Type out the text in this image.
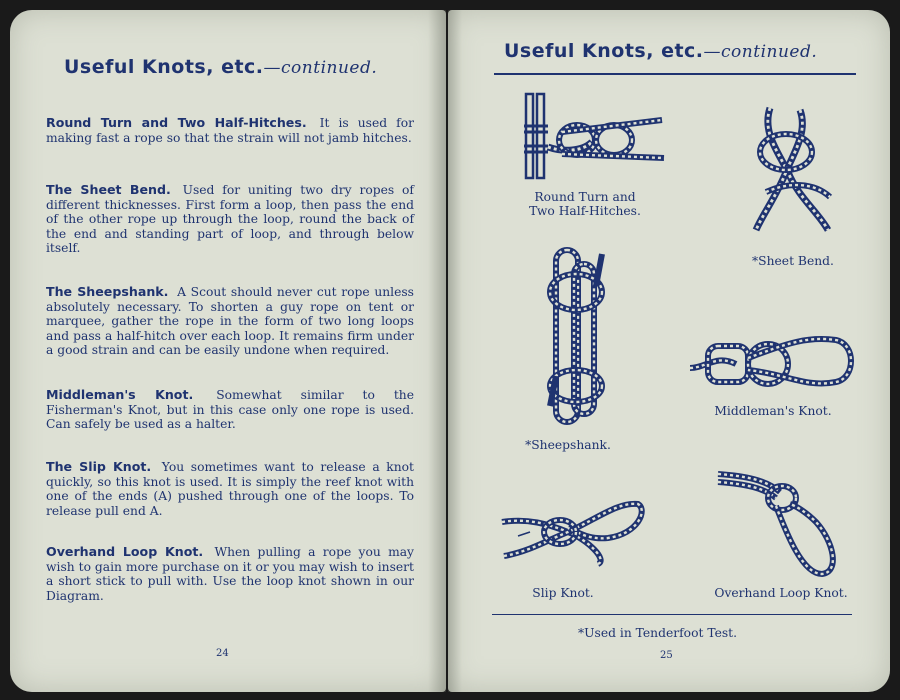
Useful Knots, etc.—continued.
Round Turn and Two Half-Hitches. It is used for making fast a rope so that the strain will not jamb hitches.
The Sheet Bend. Used for uniting two dry ropes of different thicknesses. First form a loop, then pass the end of the other rope up through the loop, round the back of the end and standing part of loop, and through below itself.
The Sheepshank. A Scout should never cut rope unless absolutely necessary. To shorten a guy rope on tent or marquee, gather the rope in the form of two long loops and pass a half-hitch over each loop. It remains firm under a good strain and can be easily undone when required.
Middleman's Knot. Somewhat similar to the Fisherman's Knot, but in this case only one rope is used. Can safely be used as a halter.
The Slip Knot. You sometimes want to release a knot quickly, so this knot is used. It is simply the reef knot with one of the ends (A) pushed through one of the loops. To release pull end A.
Overhand Loop Knot. When pulling a rope you may wish to gain more purchase on it or you may wish to insert a short stick to pull with. Use the loop knot shown in our Diagram.
24
Useful Knots, etc.—continued.
Round Turn and
Two Half-Hitches.
*Sheet Bend.
*Sheepshank.
Middleman's Knot.
Slip Knot.	Overhand Loop Knot.
*Used in Tenderfoot Test.
25
